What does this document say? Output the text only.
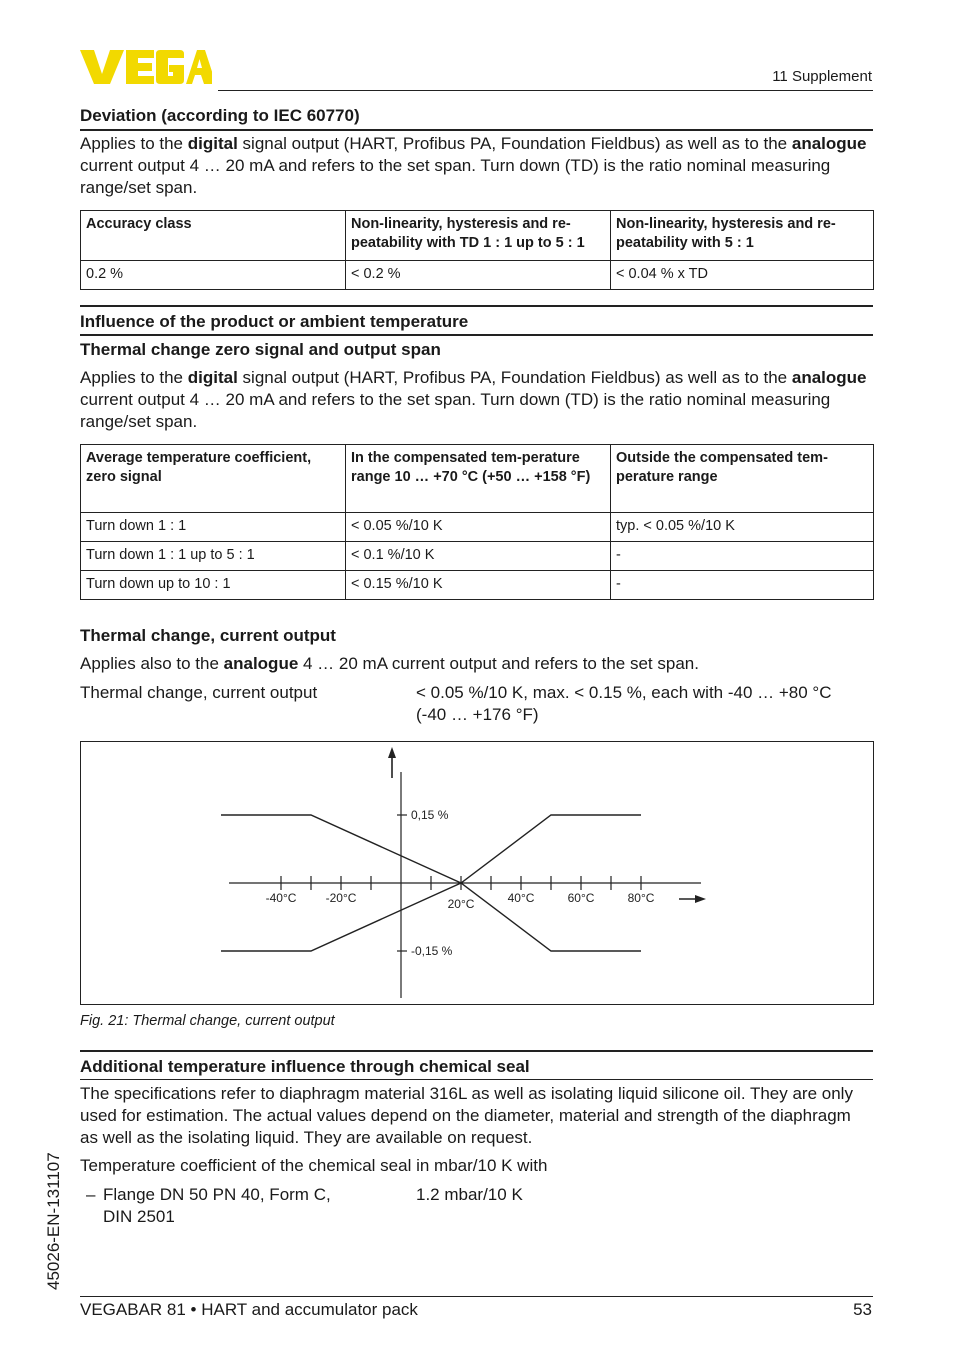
11 Supplement
Deviation (according to IEC 60770)
Applies to the digital signal output (HART, Profibus PA, Foundation Fieldbus) as well as to the analogue current output 4 … 20 mA and refers to the set span. Turn down (TD) is the ratio nominal measuring range/set span.
Accuracy class	Non-linearity, hysteresis and re-peatability with TD 1 : 1 up to 5 : 1	Non-linearity, hysteresis and re-peatability with 5 : 1
0.2 %	< 0.2 %	< 0.04 % x TD
Influence of the product or ambient temperature
Thermal change zero signal and output span
Applies to the digital signal output (HART, Profibus PA, Foundation Fieldbus) as well as to the analogue current output 4 … 20 mA and refers to the set span. Turn down (TD) is the ratio nominal measuring range/set span.
Average temperature coefficient, zero signal	In the compensated tem-perature range 10 … +70 °C (+50 … +158 °F)	Outside the compensated tem-perature range
Turn down 1 : 1	< 0.05 %/10 K	typ. < 0.05 %/10 K
Turn down 1 : 1 up to 5 : 1	< 0.1 %/10 K	-
Turn down up to 10 : 1	< 0.15 %/10 K	-
Thermal change, current output
Applies also to the analogue 4 … 20 mA current output and refers to the set span.
Thermal change, current output	< 0.05 %/10 K, max. < 0.15 %, each with -40 … +80 °C
(-40 … +176 °F)
-40°C -20°C	20°C	40°C	60°C	80°C
0,15 %
-0,15 %
Fig. 21: Thermal change, current output
Additional temperature influence through chemical seal
The specifications refer to diaphragm material 316L as well as isolating liquid silicone oil. They are only used for estimation. The actual values depend on the diameter, material and strength of the diaphragm as well as the isolating liquid. They are available on request.
Temperature coefficient of the chemical seal in mbar/10 K with
– Flange DN 50 PN 40, Form C,
DIN 2501
1.2 mbar/10 K
45026-EN-131107
VEGABAR 81 • HART and accumulator pack	53
